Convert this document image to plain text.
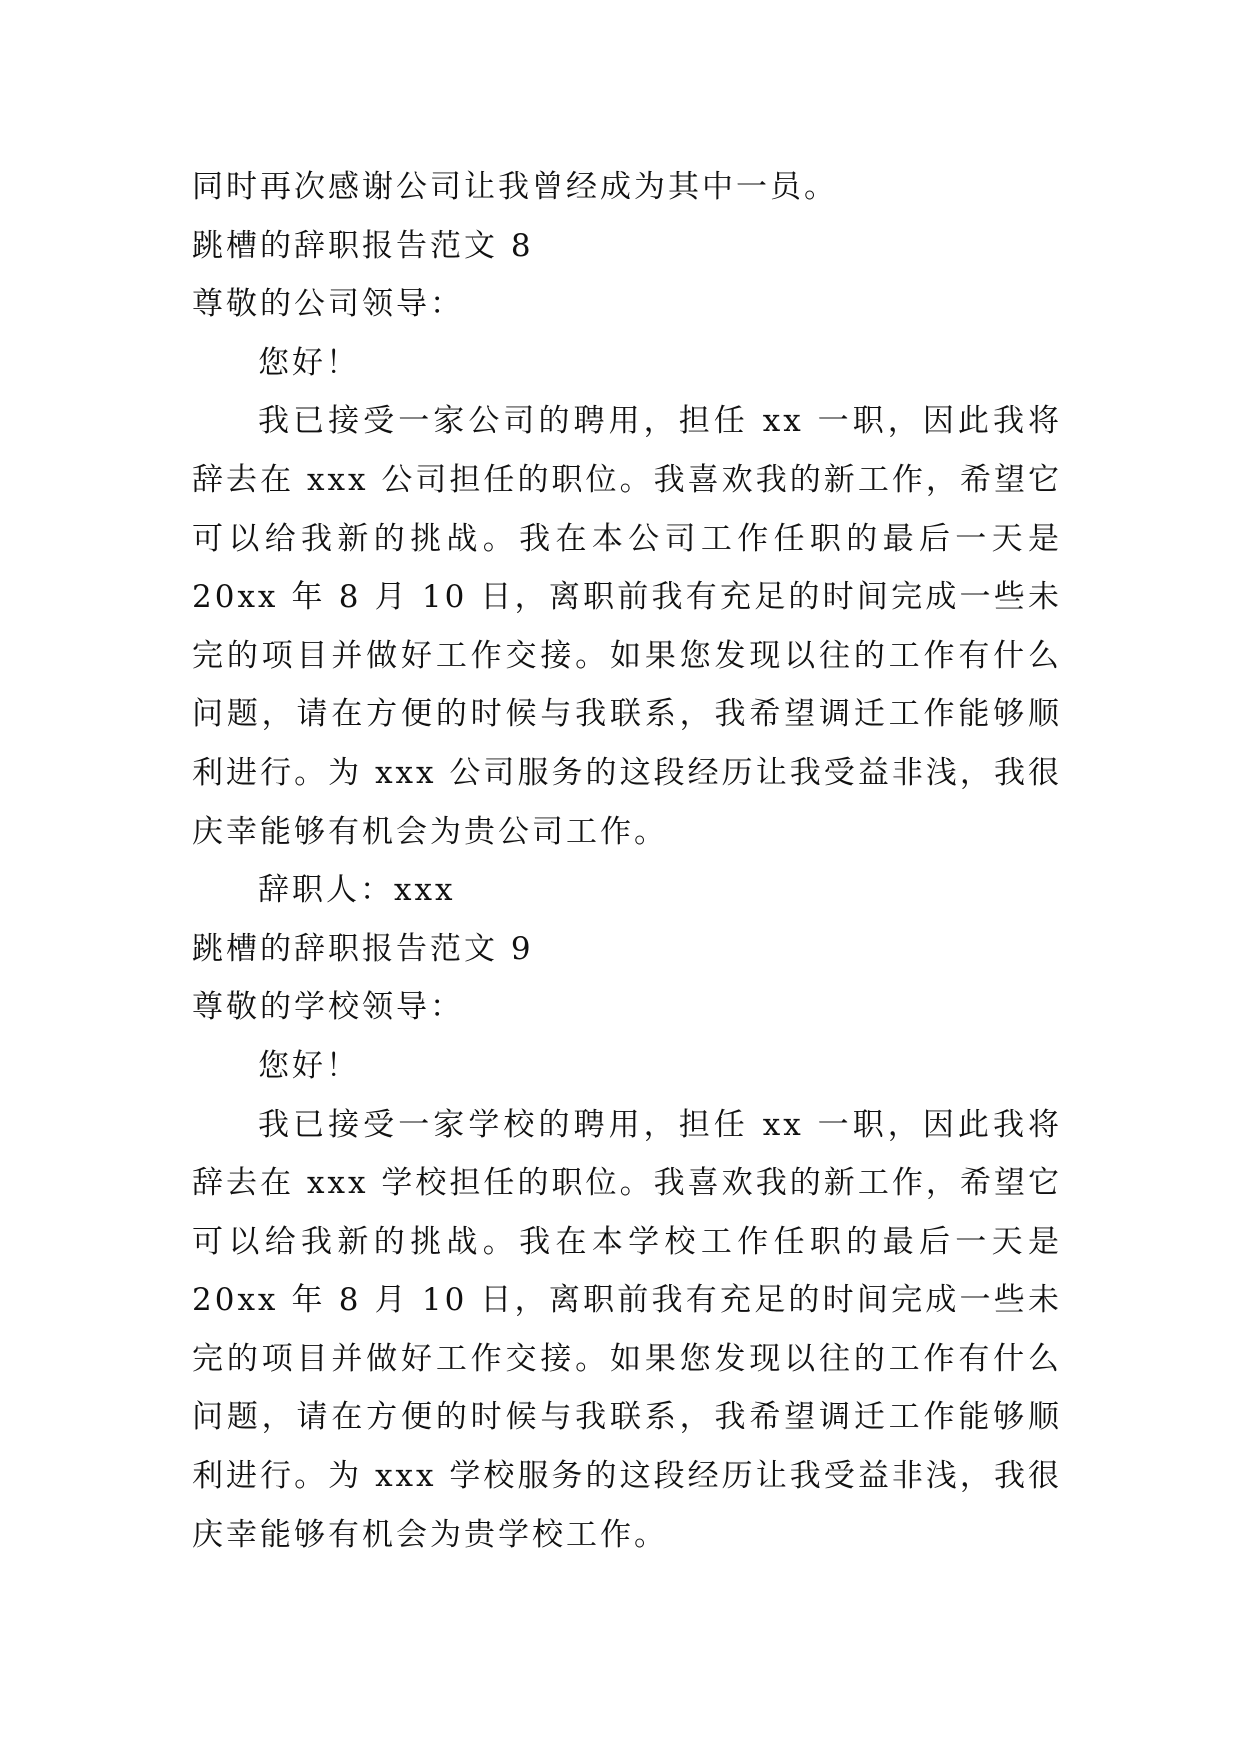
同时再次感谢公司让我曾经成为其中一员。
跳槽的辞职报告范文 8
尊敬的公司领导：
您好！

我已接受一家公司的聘用，担任 xx 一职，因此我将辞去在 xxx 公司担任的职位。我喜欢我的新工作，希望它可以给我新的挑战。我在本公司工作任职的最后一天是 20xx 年 8 月 10 日，离职前我有充足的时间完成一些未完的项目并做好工作交接。如果您发现以往的工作有什么问题，请在方便的时候与我联系，我希望调迁工作能够顺利进行。为 xxx 公司服务的这段经历让我受益非浅，我很庆幸能够有机会为贵公司工作。

辞职人：xxx
跳槽的辞职报告范文 9
尊敬的学校领导：
您好！

我已接受一家学校的聘用，担任 xx 一职，因此我将辞去在 xxx 学校担任的职位。我喜欢我的新工作，希望它可以给我新的挑战。我在本学校工作任职的最后一天是 20xx 年 8 月 10 日，离职前我有充足的时间完成一些未完的项目并做好工作交接。如果您发现以往的工作有什么问题，请在方便的时候与我联系，我希望调迁工作能够顺利进行。为 xxx 学校服务的这段经历让我受益非浅，我很庆幸能够有机会为贵学校工作。
